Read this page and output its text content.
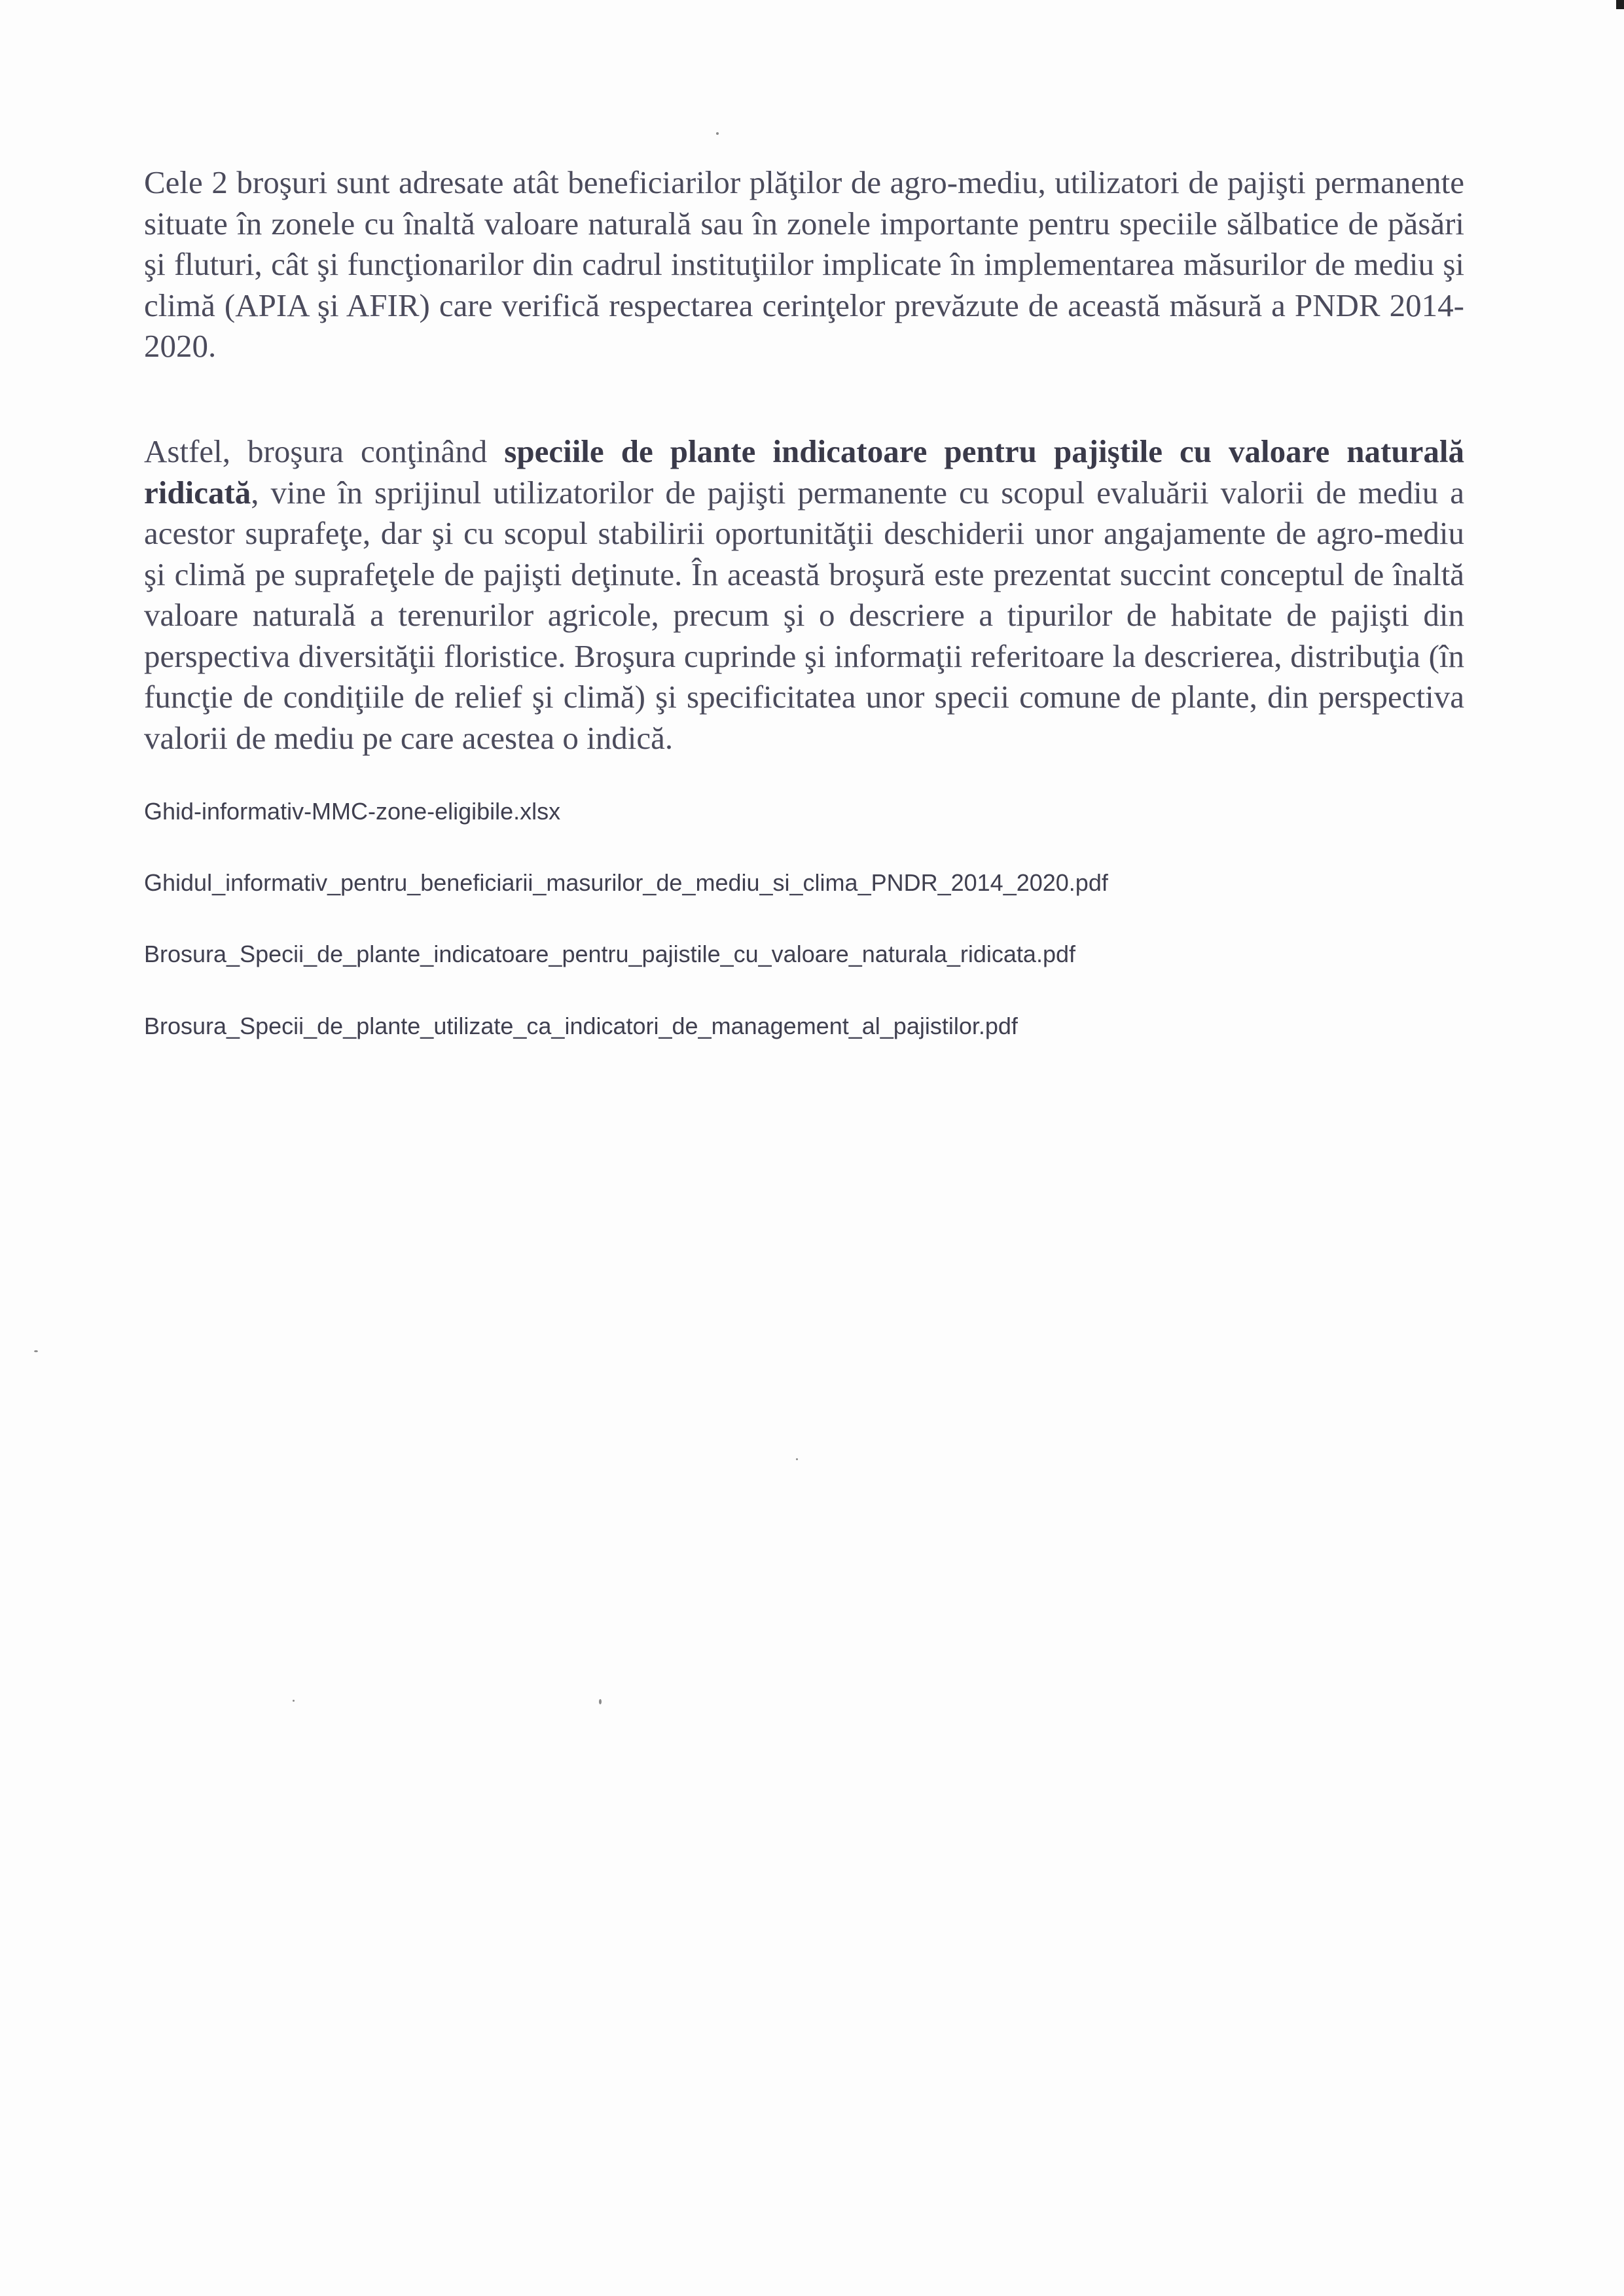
Cele 2 broşuri sunt adresate atât beneficiarilor plăţilor de agro-mediu, utilizatori de pajişti permanente situate în zonele cu înaltă valoare naturală sau în zonele importante pentru speciile sălbatice de păsări şi fluturi, cât şi funcţionarilor din cadrul instituţiilor implicate în implementarea măsurilor de mediu şi climă (APIA şi AFIR) care verifică respectarea cerinţelor prevăzute de această măsură a PNDR 2014-2020.

Astfel, broşura conţinând speciile de plante indicatoare pentru pajiştile cu valoare naturală ridicată, vine în sprijinul utilizatorilor de pajişti permanente cu scopul evaluării valorii de mediu a acestor suprafeţe, dar şi cu scopul stabilirii oportunităţii deschiderii unor angajamente de agro-mediu şi climă pe suprafeţele de pajişti deţinute. În această broşură este prezentat succint conceptul de înaltă valoare naturală a terenurilor agricole, precum şi o descriere a tipurilor de habitate de pajişti din perspectiva diversităţii floristice. Broşura cuprinde şi informaţii referitoare la descrierea, distribuţia (în funcţie de condiţiile de relief şi climă) şi specificitatea unor specii comune de plante, din perspectiva valorii de mediu pe care acestea o indică.

Ghid-informativ-MMC-zone-eligibile.xlsx
Ghidul_informativ_pentru_beneficiarii_masurilor_de_mediu_si_clima_PNDR_2014_2020.pdf
Brosura_Specii_de_plante_indicatoare_pentru_pajistile_cu_valoare_naturala_ridicata.pdf
Brosura_Specii_de_plante_utilizate_ca_indicatori_de_management_al_pajistilor.pdf
